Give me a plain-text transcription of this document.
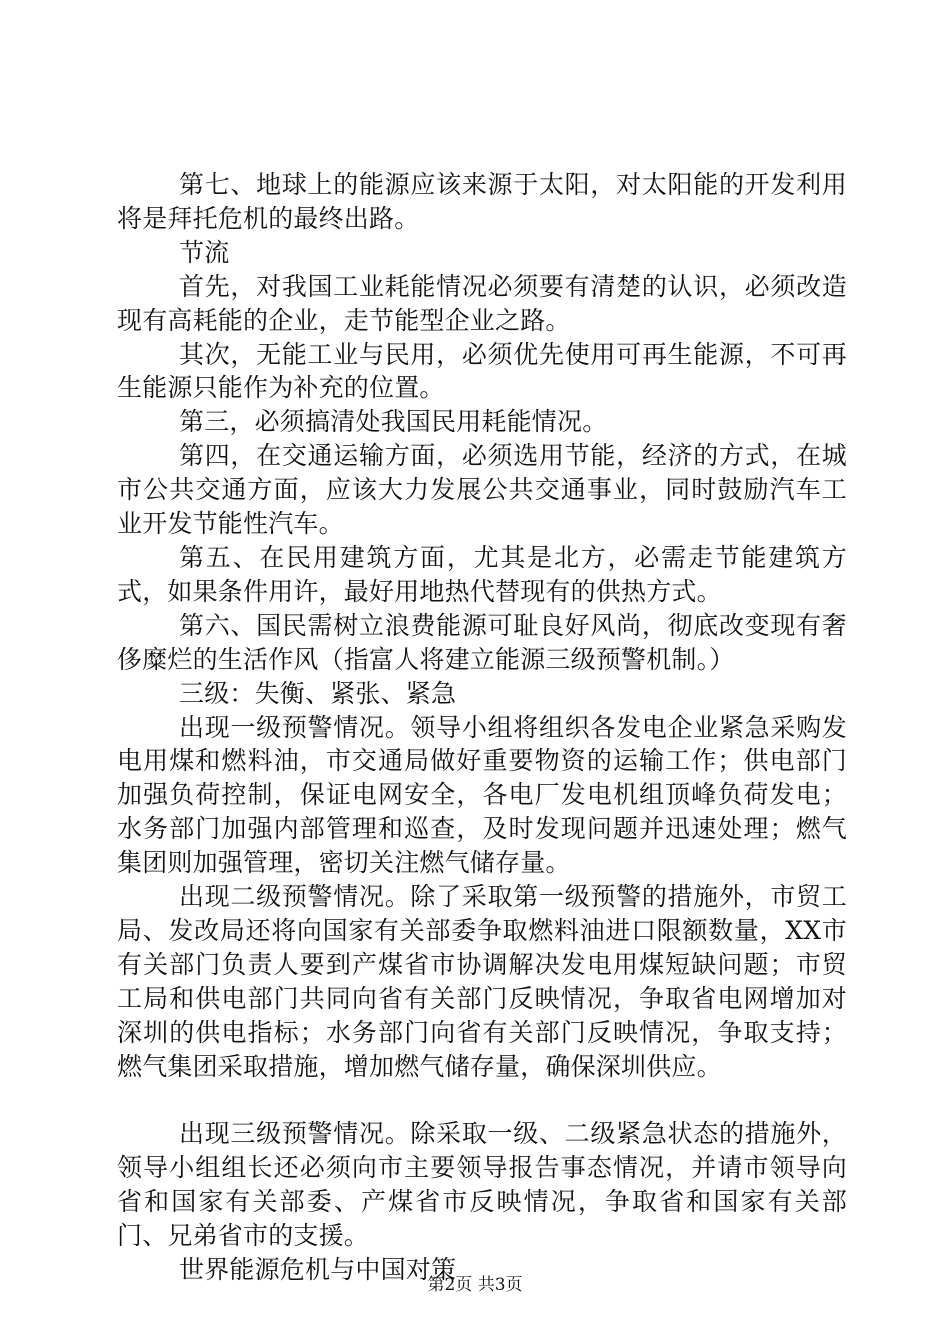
第七、地球上的能源应该来源于太阳，对太阳能的开发利用将是拜托危机的最终出路。

节流

首先，对我国工业耗能情况必须要有清楚的认识，必须改造现有高耗能的企业，走节能型企业之路。

其次，无能工业与民用，必须优先使用可再生能源，不可再生能源只能作为补充的位置。

第三，必须搞清处我国民用耗能情况。

第四，在交通运输方面，必须选用节能，经济的方式，在城市公共交通方面，应该大力发展公共交通事业，同时鼓励汽车工业开发节能性汽车。

第五、在民用建筑方面，尤其是北方，必需走节能建筑方式，如果条件用许，最好用地热代替现有的供热方式。

第六、国民需树立浪费能源可耻良好风尚，彻底改变现有奢侈糜烂的生活作风（指富人将建立能源三级预警机制。）

三级：失衡、紧张、紧急

出现一级预警情况。领导小组将组织各发电企业紧急采购发电用煤和燃料油，市交通局做好重要物资的运输工作；供电部门加强负荷控制，保证电网安全，各电厂发电机组顶峰负荷发电；水务部门加强内部管理和巡查，及时发现问题并迅速处理；燃气集团则加强管理，密切关注燃气储存量。

出现二级预警情况。除了采取第一级预警的措施外，市贸工局、发改局还将向国家有关部委争取燃料油进口限额数量，XX市有关部门负责人要到产煤省市协调解决发电用煤短缺问题；市贸工局和供电部门共同向省有关部门反映情况，争取省电网增加对深圳的供电指标；水务部门向省有关部门反映情况，争取支持；燃气集团采取措施，增加燃气储存量，确保深圳供应。

出现三级预警情况。除采取一级、二级紧急状态的措施外，领导小组组长还必须向市主要领导报告事态情况，并请市领导向省和国家有关部委、产煤省市反映情况，争取省和国家有关部门、兄弟省市的支援。

世界能源危机与中国对策

第2页 共3页
